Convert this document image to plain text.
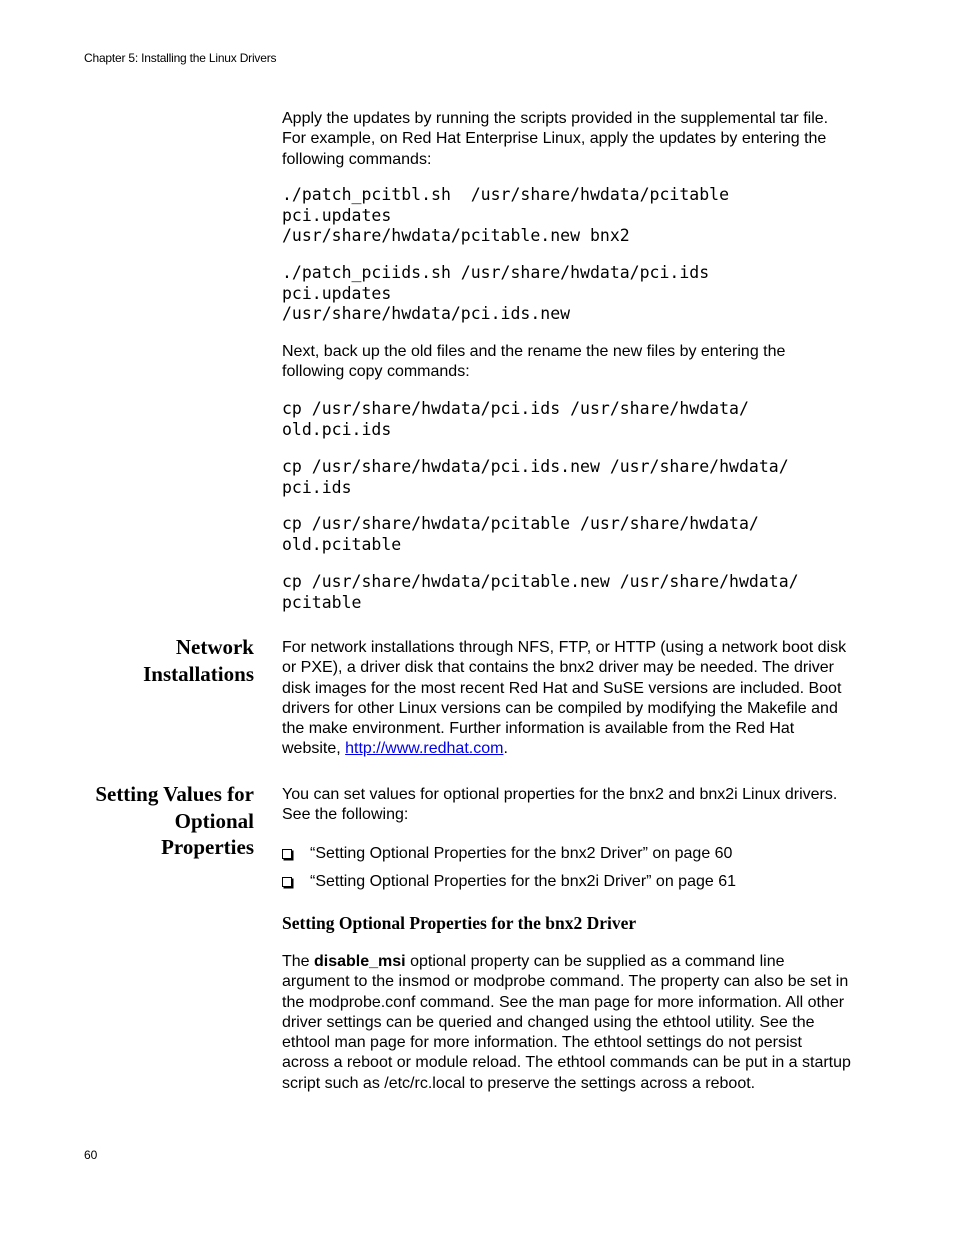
Chapter 5: Installing the Linux Drivers

Apply the updates by running the scripts provided in the supplemental tar file. For example, on Red Hat Enterprise Linux, apply the updates by entering the following commands:

./patch_pcitbl.sh  /usr/share/hwdata/pcitable
pci.updates
/usr/share/hwdata/pcitable.new bnx2
./patch_pciids.sh /usr/share/hwdata/pci.ids
pci.updates
/usr/share/hwdata/pci.ids.new

Next, back up the old files and the rename the new files by entering the following copy commands:

cp /usr/share/hwdata/pci.ids /usr/share/hwdata/
old.pci.ids
cp /usr/share/hwdata/pci.ids.new /usr/share/hwdata/
pci.ids
cp /usr/share/hwdata/pcitable /usr/share/hwdata/
old.pcitable
cp /usr/share/hwdata/pcitable.new /usr/share/hwdata/
pcitable
Network
Installations

For network installations through NFS, FTP, or HTTP (using a network boot disk or PXE), a driver disk that contains the bnx2 driver may be needed. The driver disk images for the most recent Red Hat and SuSE versions are included. Boot drivers for other Linux versions can be compiled by modifying the Makefile and the make environment. Further information is available from the Red Hat website, http://www.redhat.com.

Setting Values for
Optional
Properties

You can set values for optional properties for the bnx2 and bnx2i Linux drivers. See the following:

“Setting Optional Properties for the bnx2 Driver” on page 60
“Setting Optional Properties for the bnx2i Driver” on page 61
Setting Optional Properties for the bnx2 Driver

The disable_msi optional property can be supplied as a command line argument to the insmod or modprobe command. The property can also be set in the modprobe.conf command. See the man page for more information. All other driver settings can be queried and changed using the ethtool utility. See the ethtool man page for more information. The ethtool settings do not persist across a reboot or module reload. The ethtool commands can be put in a startup script such as /etc/rc.local to preserve the settings across a reboot.

60
